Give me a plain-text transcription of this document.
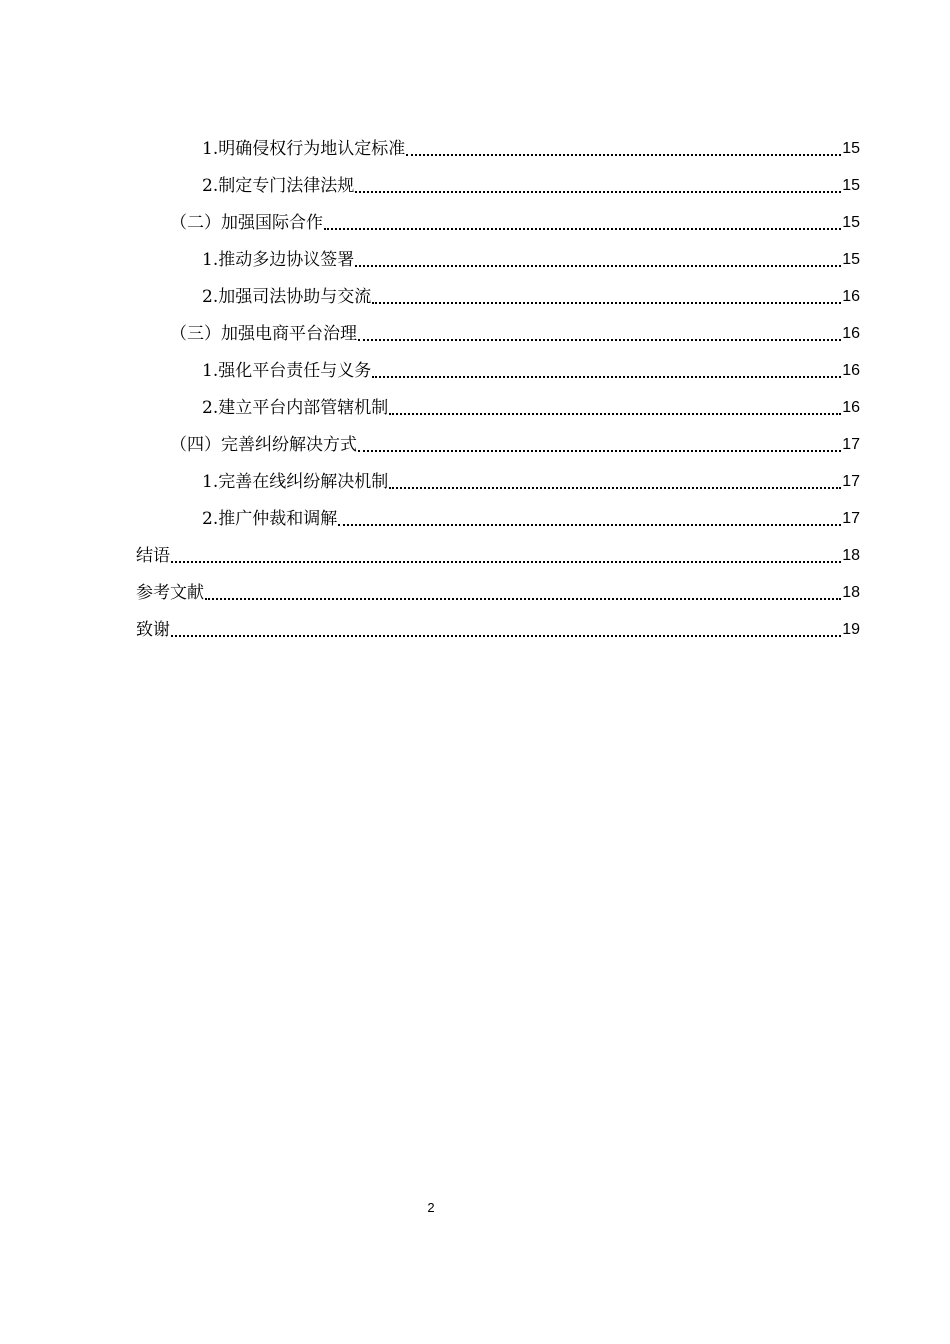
1.明确侵权行为地认定标准	15
2.制定专门法律法规	15
（二）加强国际合作	15
1.推动多边协议签署	15
2.加强司法协助与交流	16
（三）加强电商平台治理	16
1.强化平台责任与义务	16
2.建立平台内部管辖机制	16
（四）完善纠纷解决方式	17
1.完善在线纠纷解决机制	17
2.推广仲裁和调解	17
结语	18
参考文献	18
致谢	19
2
